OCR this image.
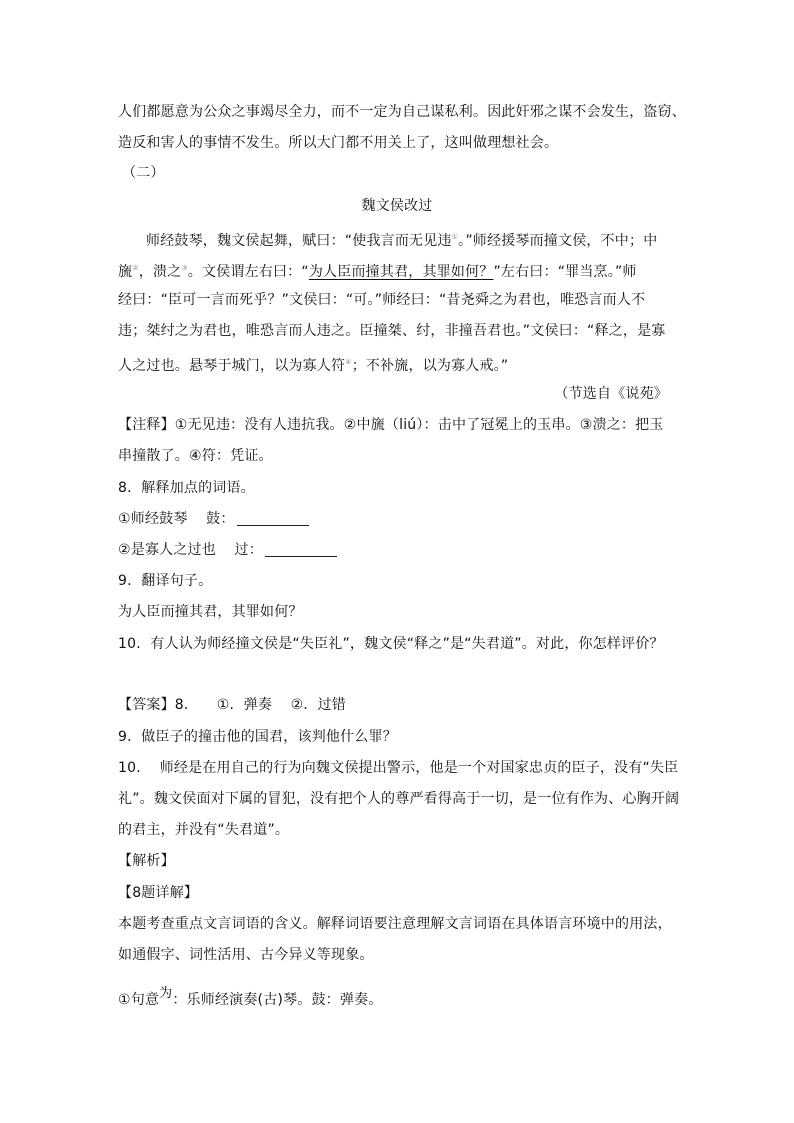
人们都愿意为公众之事竭尽全力，而不一定为自己谋私利。因此奸邪之谋不会发生，盗窃、
造反和害人的事情不发生。所以大门都不用关上了，这叫做理想社会。
（二）
魏文侯改过
师经鼓琴，魏文侯起舞，赋曰：“使我言而无见违①。”师经援琴而撞文侯，不中；中
旒②，溃之③。文侯谓左右曰：“为人臣而撞其君，其罪如何？”左右曰：“罪当烹。”师
经曰：“臣可一言而死乎？”文侯曰：“可。”师经曰：“昔尧舜之为君也，唯恐言而人不
违；桀纣之为君也，唯恐言而人违之。臣撞桀、纣，非撞吾君也。”文侯曰：“释之，是寡
人之过也。悬琴于城门，以为寡人符④；不补旒，以为寡人戒。”
（节选自《说苑》
【注释】①无见违：没有人违抗我。②中旒（liú）：击中了冠冕上的玉串。③溃之：把玉
串撞散了。④符：凭证。
8．解释加点的词语。
①师经鼓琴    鼓：
②是寡人之过也    过：
9．翻译句子。
为人臣而撞其君，其罪如何？
10．有人认为师经撞文侯是“失臣礼”，魏文侯“释之”是“失君道”。对此，你怎样评价？
【答案】8．    ①．弹奏    ②．过错
9．做臣子的撞击他的国君，该判他什么罪？
10．  师经是在用自己的行为向魏文侯提出警示，他是一个对国家忠贞的臣子，没有“失臣
礼”。魏文侯面对下属的冒犯，没有把个人的尊严看得高于一切，是一位有作为、心胸开阔
的君主，并没有“失君道”。
【解析】
【8题详解】
本题考查重点文言词语的含义。解释词语要注意理解文言词语在具体语言环境中的用法，
如通假字、词性活用、古今异义等现象。
①句意为：乐师经演奏(古)琴。鼓：弹奏。
